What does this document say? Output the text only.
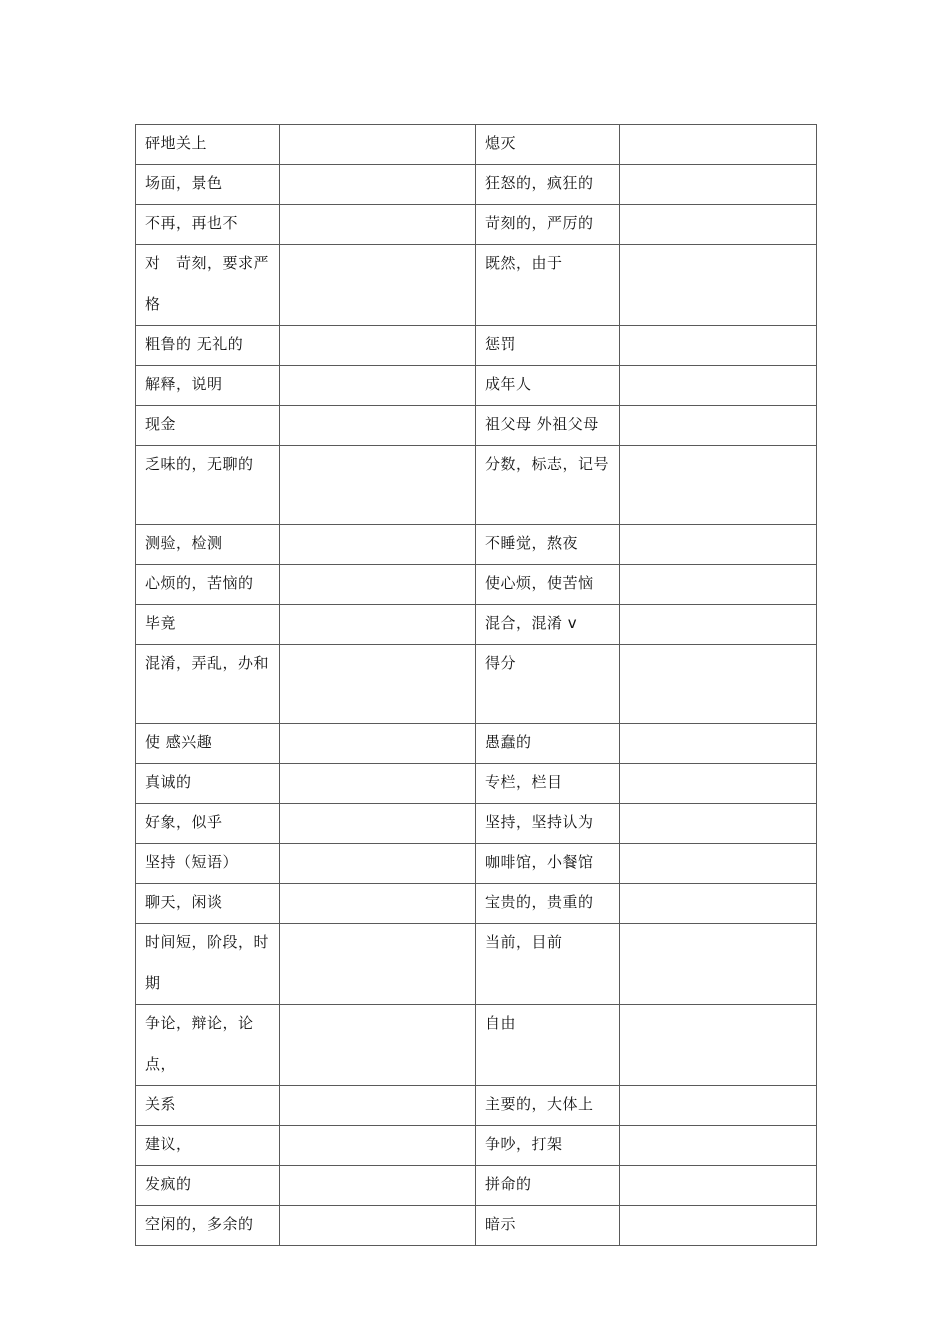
砰地关上		熄灭	

场面，景色		狂怒的，疯狂的	

不再，再也不		苛刻的，严厉的	

对　苛刻，要求严格		既然，由于	

粗鲁的 无礼的		惩罚	

解释，说明		成年人	

现金		祖父母 外祖父母	

乏味的，无聊的		分数，标志，记号	

测验，检测		不睡觉，熬夜	

心烦的，苦恼的		使心烦，使苦恼	

毕竟		混合，混淆 v	

混淆，弄乱，办和		得分	

使 感兴趣		愚蠢的	

真诚的		专栏，栏目	

好象，似乎		坚持，坚持认为	

坚持（短语）		咖啡馆，小餐馆	

聊天，闲谈		宝贵的，贵重的	

时间短，阶段，时期		当前，目前	

争论，辩论，论点，		自由	

关系		主要的，大体上	

建议，		争吵，打架	

发疯的		拼命的	

空闲的，多余的		暗示	
